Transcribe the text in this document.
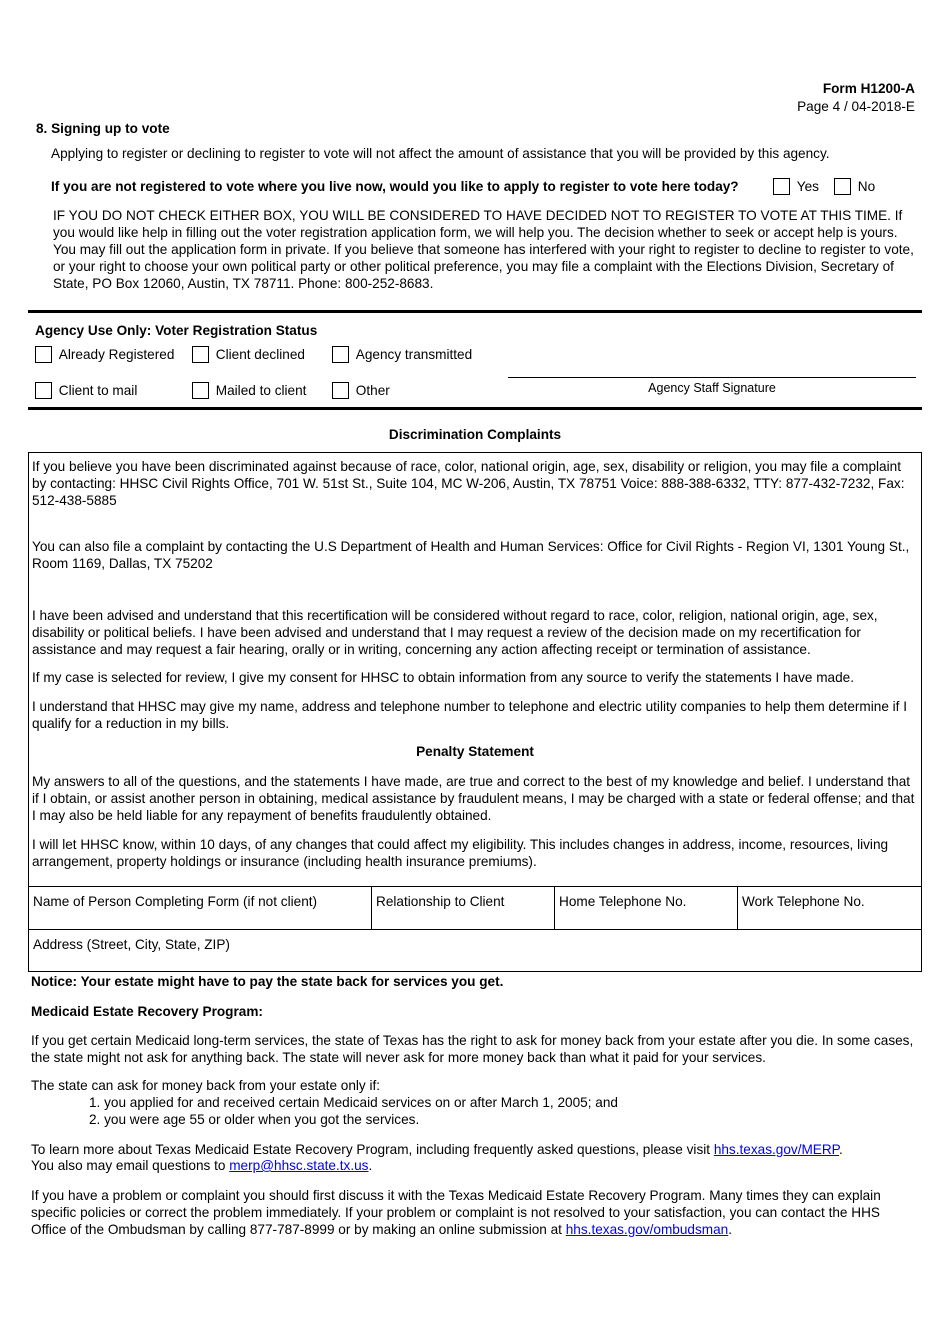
Form H1200-A
Page 4 / 04-2018-E
8. Signing up to vote
Applying to register or declining to register to vote will not affect the amount of assistance that you will be provided by this agency.
If you are not registered to vote where you live now, would you like to apply to register to vote here today?	Yes	No
IF YOU DO NOT CHECK EITHER BOX, YOU WILL BE CONSIDERED TO HAVE DECIDED NOT TO REGISTER TO VOTE AT THIS TIME. If you would like help in filling out the voter registration application form, we will help you. The decision whether to seek or accept help is yours. You may fill out the application form in private. If you believe that someone has interfered with your right to register to decline to register to vote, or your right to choose your own political party or other political preference, you may file a complaint with the Elections Division, Secretary of State, PO Box 12060, Austin, TX 78711. Phone: 800-252-8683.
Agency Use Only: Voter Registration Status
Already Registered	Client declined	Agency transmitted
Client to mail	Mailed to client	Other	Agency Staff Signature
Discrimination Complaints
If you believe you have been discriminated against because of race, color, national origin, age, sex, disability or religion, you may file a complaint by contacting: HHSC Civil Rights Office, 701 W. 51st St., Suite 104, MC W-206, Austin, TX 78751 Voice: 888-388-6332, TTY: 877-432-7232, Fax: 512-438-5885
You can also file a complaint by contacting the U.S Department of Health and Human Services: Office for Civil Rights - Region VI, 1301 Young St., Room 1169, Dallas, TX 75202
I have been advised and understand that this recertification will be considered without regard to race, color, religion, national origin, age, sex, disability or political beliefs. I have been advised and understand that I may request a review of the decision made on my recertification for assistance and may request a fair hearing, orally or in writing, concerning any action affecting receipt or termination of assistance.
If my case is selected for review, I give my consent for HHSC to obtain information from any source to verify the statements I have made.
I understand that HHSC may give my name, address and telephone number to telephone and electric utility companies to help them determine if I qualify for a reduction in my bills.
Penalty Statement
My answers to all of the questions, and the statements I have made, are true and correct to the best of my knowledge and belief. I understand that if I obtain, or assist another person in obtaining, medical assistance by fraudulent means, I may be charged with a state or federal offense; and that I may also be held liable for any repayment of benefits fraudulently obtained.
I will let HHSC know, within 10 days, of any changes that could affect my eligibility. This includes changes in address, income, resources, living arrangement, property holdings or insurance (including health insurance premiums).
Name of Person Completing Form (if not client)	Relationship to Client	Home Telephone No.	Work Telephone No.
Address (Street, City, State, ZIP)
Notice: Your estate might have to pay the state back for services you get.
Medicaid Estate Recovery Program:
If you get certain Medicaid long-term services, the state of Texas has the right to ask for money back from your estate after you die. In some cases, the state might not ask for anything back. The state will never ask for more money back than what it paid for your services.
The state can ask for money back from your estate only if:
1. you applied for and received certain Medicaid services on or after March 1, 2005; and
2. you were age 55 or older when you got the services.
To learn more about Texas Medicaid Estate Recovery Program, including frequently asked questions, please visit hhs.texas.gov/MERP.
You also may email questions to merp@hhsc.state.tx.us.
If you have a problem or complaint you should first discuss it with the Texas Medicaid Estate Recovery Program. Many times they can explain specific policies or correct the problem immediately. If your problem or complaint is not resolved to your satisfaction, you can contact the HHS Office of the Ombudsman by calling 877-787-8999 or by making an online submission at hhs.texas.gov/ombudsman.
